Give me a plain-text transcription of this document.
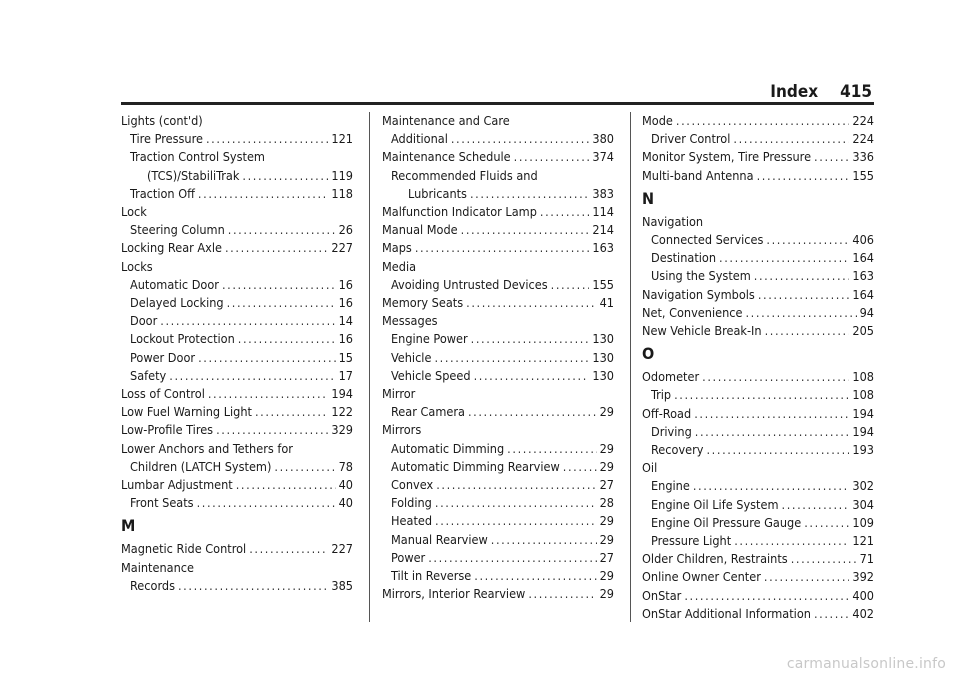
Index 415
Lights (cont'd)
Tire Pressure .....	121
Traction Control System
(TCS)/StabiliTrak .....	119
Traction Off .....	118
Lock
Steering Column .....	26
Locking Rear Axle .....	227
Locks
Automatic Door .....	16
Delayed Locking .....	16
Door .....	14
Lockout Protection .....	16
Power Door .....	15
Safety .....	17
Loss of Control .....	194
Low Fuel Warning Light .....	122
Low-Profile Tires .....	329
Lower Anchors and Tethers for
Children (LATCH System) .....	78
Lumbar Adjustment .....	40
Front Seats .....	40
M
Magnetic Ride Control .....	227
Maintenance
Records .....	385
Maintenance and Care
Additional .....	380
Maintenance Schedule .....	374
Recommended Fluids and
Lubricants .....	383
Malfunction Indicator Lamp .....	114
Manual Mode .....	214
Maps .....	163
Media
Avoiding Untrusted Devices .....	155
Memory Seats .....	41
Messages
Engine Power .....	130
Vehicle .....	130
Vehicle Speed .....	130
Mirror
Rear Camera .....	29
Mirrors
Automatic Dimming .....	29
Automatic Dimming Rearview .....	29
Convex .....	27
Folding .....	28
Heated .....	29
Manual Rearview .....	29
Power .....	27
Tilt in Reverse .....	29
Mirrors, Interior Rearview .....	29
Mode .....	224
Driver Control .....	224
Monitor System, Tire Pressure .....	336
Multi-band Antenna .....	155
N
Navigation
Connected Services .....	406
Destination .....	164
Using the System .....	163
Navigation Symbols .....	164
Net, Convenience .....	94
New Vehicle Break-In .....	205
O
Odometer .....	108
Trip .....	108
Off-Road .....	194
Driving .....	194
Recovery .....	193
Oil
Engine .....	302
Engine Oil Life System .....	304
Engine Oil Pressure Gauge .....	109
Pressure Light .....	121
Older Children, Restraints .....	71
Online Owner Center .....	392
OnStar .....	400
OnStar Additional Information .....	402
carmanualsonline.info
